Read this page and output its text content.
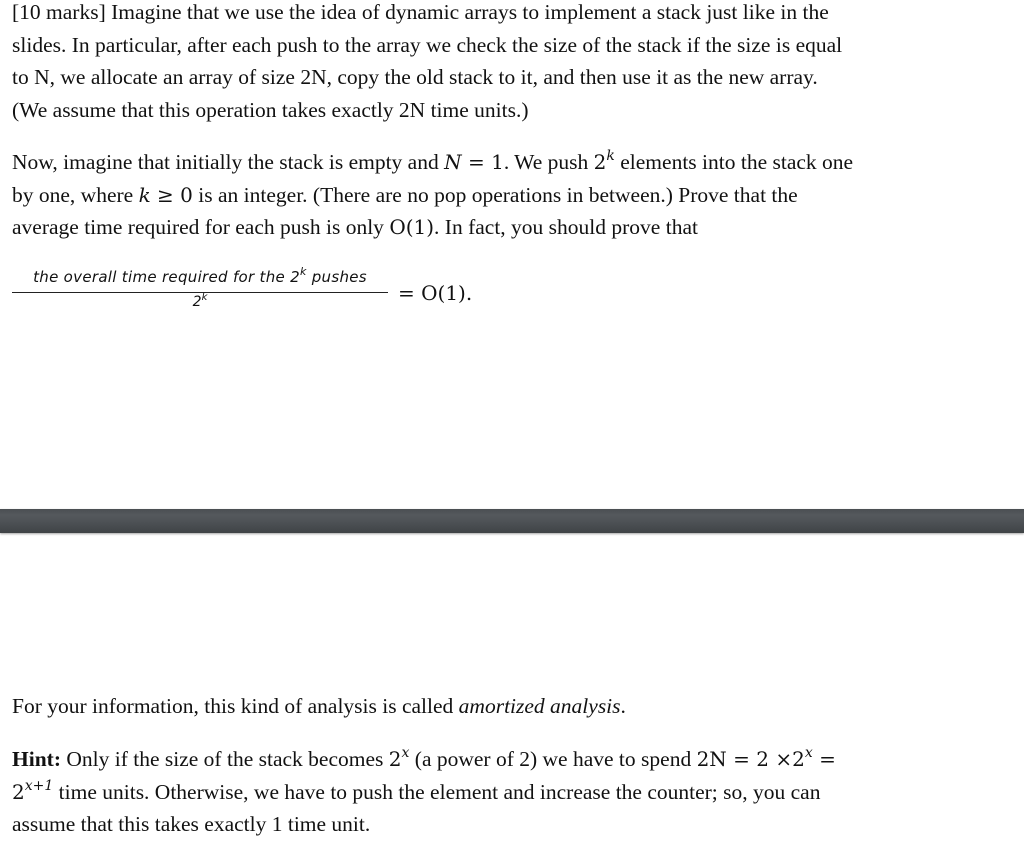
[10 marks] Imagine that we use the idea of dynamic arrays to implement a stack just like in the
slides. In particular, after each push to the array we check the size of the stack if the size is equal
to N, we allocate an array of size 2N, copy the old stack to it, and then use it as the new array.
(We assume that this operation takes exactly 2N time units.)

Now, imagine that initially the stack is empty and N = 1. We push 2$^k$ elements into the stack one
by one, where k ≥ 0 is an integer. (There are no pop operations in between.) Prove that the
average time required for each push is only O(1). In fact, you should prove that

the overall time required for the 2$^k$ pushes
$2^k$	= O(1).

For your information, this kind of analysis is called amortized analysis.

Hint: Only if the size of the stack becomes 2$^x$ (a power of 2) we have to spend $2N = 2 \times 2^x$ =
$2^{x+1}$ time units. Otherwise, we have to push the element and increase the counter; so, you can
assume that this takes exactly 1 time unit.
